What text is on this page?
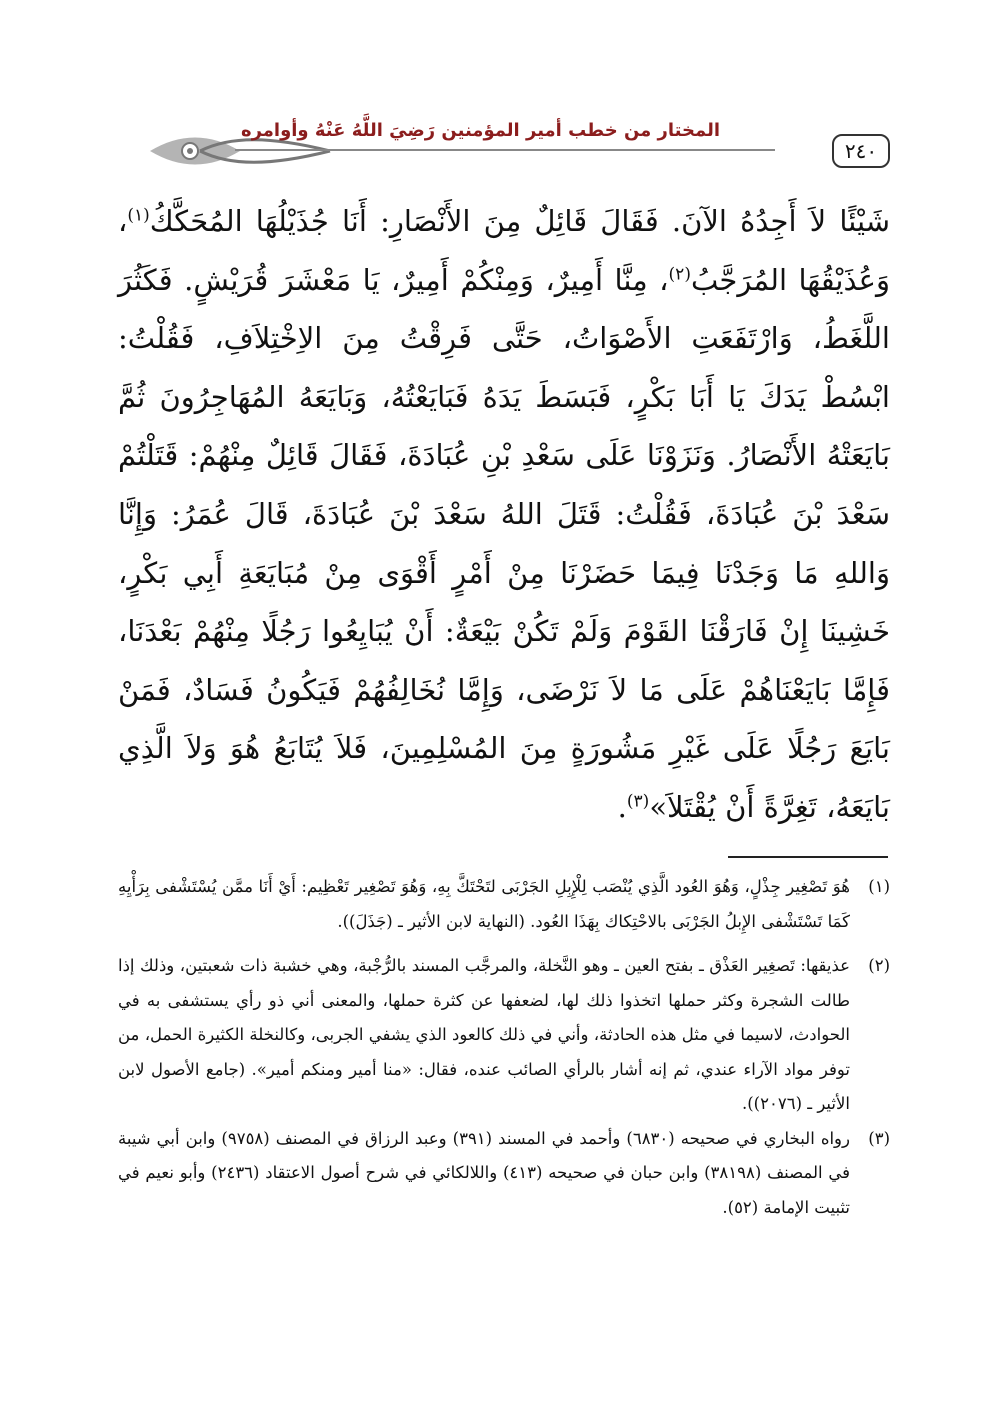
المختار من خطب أمير المؤمنين رَضِيَ اللَّهُ عَنْهُ وأوامره
٢٤٠
شَيْئًا لاَ أَجِدُهُ الآنَ. فَقَالَ قَائِلٌ مِنَ الأَنْصَارِ: أَنَا جُذَيْلُهَا المُحَكَّكُ$^{(١)}$، وَعُذَيْقُهَا المُرَجَّبُ$^{(٢)}$، مِنَّا أَمِيرٌ، وَمِنْكُمْ أَمِيرٌ، يَا مَعْشَرَ قُرَيْشٍ. فَكَثُرَ اللَّغَطُ، وَارْتَفَعَتِ الأَصْوَاتُ، حَتَّى فَرِقْتُ مِنَ الاِخْتِلاَفِ، فَقُلْتُ: ابْسُطْ يَدَكَ يَا أَبَا بَكْرٍ، فَبَسَطَ يَدَهُ فَبَايَعْتُهُ، وَبَايَعَهُ المُهَاجِرُونَ ثُمَّ بَايَعَتْهُ الأَنْصَارُ. وَنَزَوْنَا عَلَى سَعْدِ بْنِ عُبَادَةَ، فَقَالَ قَائِلٌ مِنْهُمْ: قَتَلْتُمْ سَعْدَ بْنَ عُبَادَةَ، فَقُلْتُ: قَتَلَ اللهُ سَعْدَ بْنَ عُبَادَةَ، قَالَ عُمَرُ: وَإِنَّا وَاللهِ مَا وَجَدْنَا فِيمَا حَضَرْنَا مِنْ أَمْرٍ أَقْوَى مِنْ مُبَايَعَةِ أَبِي بَكْرٍ، خَشِينَا إِنْ فَارَقْنَا القَوْمَ وَلَمْ تَكُنْ بَيْعَةٌ: أَنْ يُبَايِعُوا رَجُلًا مِنْهُمْ بَعْدَنَا، فَإِمَّا بَايَعْنَاهُمْ عَلَى مَا لاَ نَرْضَى، وَإِمَّا نُخَالِفُهُمْ فَيَكُونُ فَسَادٌ، فَمَنْ بَايَعَ رَجُلًا عَلَى غَيْرِ مَشُورَةٍ مِنَ المُسْلِمِينَ، فَلاَ يُتَابَعُ هُوَ وَلاَ الَّذِي بَايَعَهُ، تَغِرَّةً أَنْ يُقْتَلاَ»$^{(٣)}$.
(١)
هُوَ تَصْغِير جِذْلٍ، وَهُوَ العُود الَّذِي يُنْصَب لِلْإِبِلِ الجَرْبَى لتَحْتَكَّ بِهِ، وَهُوَ تَصْغِير تَعْظِيم: أَيْ أَنَا ممَّن يُسْتَشْفى بِرَأْيِهِ كَمَا تَسْتَشْفى الإِبلُ الجَرْبَى بالاحْتِكاك بِهَذَا العُود. (النهاية لابن الأثير ـ (جَذَلَ)).
(٢)
عذيقها: تَصغِير العَذْق ـ بفتح العين ـ وهو النَّخلة، والمرجَّب المسند بالرُّجْبة، وهي خشبة ذات شعبتين، وذلك إذا طالت الشجرة وكثر حملها اتخذوا ذلك لها، لضعفها عن كثرة حملها، والمعنى أني ذو رأي يستشفى به في الحوادث، لاسيما في مثل هذه الحادثة، وأني في ذلك كالعود الذي يشفي الجربى، وكالنخلة الكثيرة الحمل، من توفر مواد الآراء عندي، ثم إنه أشار بالرأي الصائب عنده، فقال: «منا أمير ومنكم أمير». (جامع الأصول لابن الأثير ـ (٢٠٧٦)).
(٣)
رواه البخاري في صحيحه (٦٨٣٠) وأحمد في المسند (٣٩١) وعبد الرزاق في المصنف (٩٧٥٨) وابن أبي شيبة في المصنف (٣٨١٩٨) وابن حبان في صحيحه (٤١٣) واللالكائي في شرح أصول الاعتقاد (٢٤٣٦) وأبو نعيم في تثبيت الإمامة (٥٢).
